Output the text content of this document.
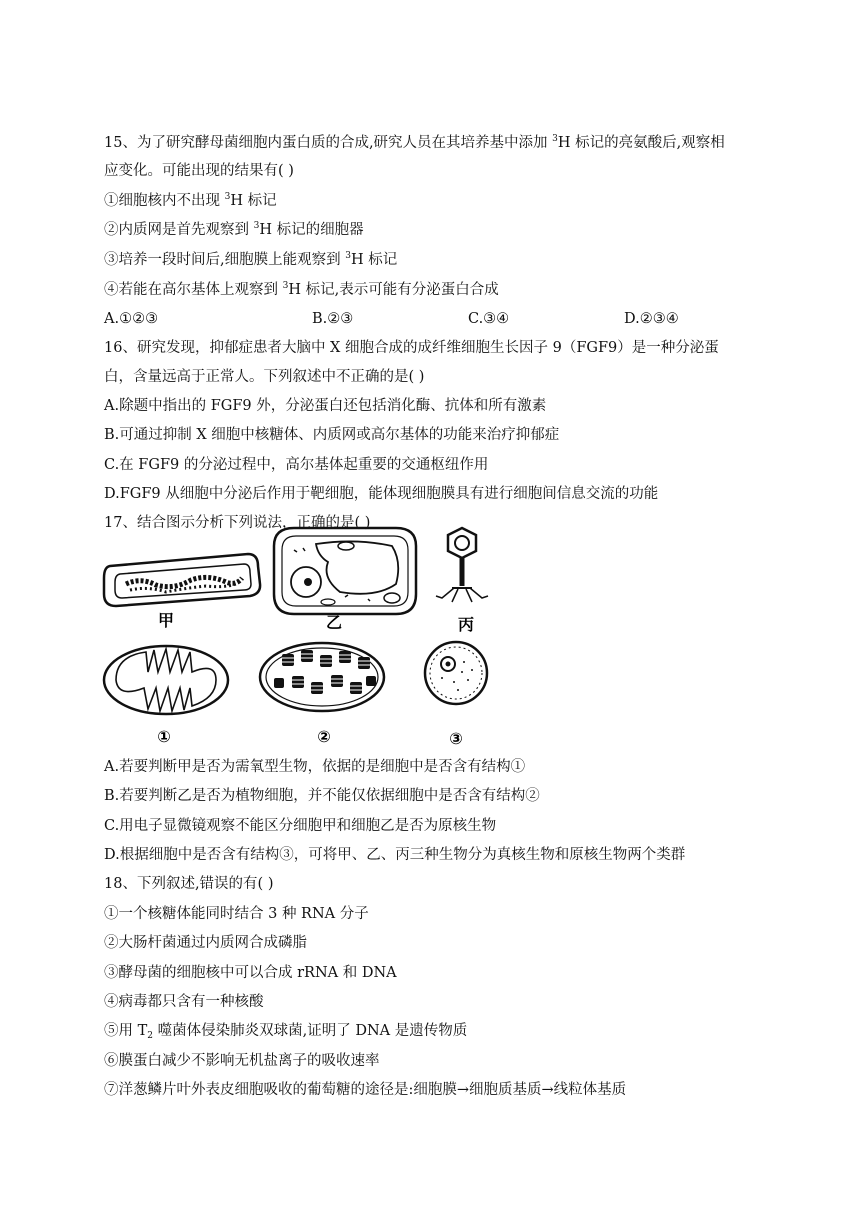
15、为了研究酵母菌细胞内蛋白质的合成,研究人员在其培养基中添加 $^3$H 标记的亮氨酸后,观察相
应变化。可能出现的结果有( )
①细胞核内不出现 $^3$H 标记
②内质网是首先观察到 $^3$H 标记的细胞器
③培养一段时间后,细胞膜上能观察到 $^3$H 标记
④若能在高尔基体上观察到 $^3$H 标记,表示可能有分泌蛋白合成
A.①②③	B.②③	C.③④	D.②③④
16、研究发现，抑郁症患者大脑中 X 细胞合成的成纤维细胞生长因子 9（FGF9）是一种分泌蛋
白，含量远高于正常人。下列叙述中不正确的是( )
A.除题中指出的 FGF9 外，分泌蛋白还包括消化酶、抗体和所有激素
B.可通过抑制 X 细胞中核糖体、内质网或高尔基体的功能来治疗抑郁症
C.在 FGF9 的分泌过程中，高尔基体起重要的交通枢纽作用
D.FGF9 从细胞中分泌后作用于靶细胞，能体现细胞膜具有进行细胞间信息交流的功能
17、结合图示分析下列说法，正确的是( )
甲	乙	丙
①	②	③
A.若要判断甲是否为需氧型生物，依据的是细胞中是否含有结构①
B.若要判断乙是否为植物细胞，并不能仅依据细胞中是否含有结构②
C.用电子显微镜观察不能区分细胞甲和细胞乙是否为原核生物
D.根据细胞中是否含有结构③，可将甲、乙、丙三种生物分为真核生物和原核生物两个类群
18、下列叙述,错误的有( )
①一个核糖体能同时结合 3 种 RNA 分子
②大肠杆菌通过内质网合成磷脂
③酵母菌的细胞核中可以合成 rRNA 和 DNA
④病毒都只含有一种核酸
⑤用 $T_2$ 噬菌体侵染肺炎双球菌,证明了 DNA 是遗传物质
⑥膜蛋白减少不影响无机盐离子的吸收速率
⑦洋葱鳞片叶外表皮细胞吸收的葡萄糖的途径是:细胞膜→细胞质基质→线粒体基质
